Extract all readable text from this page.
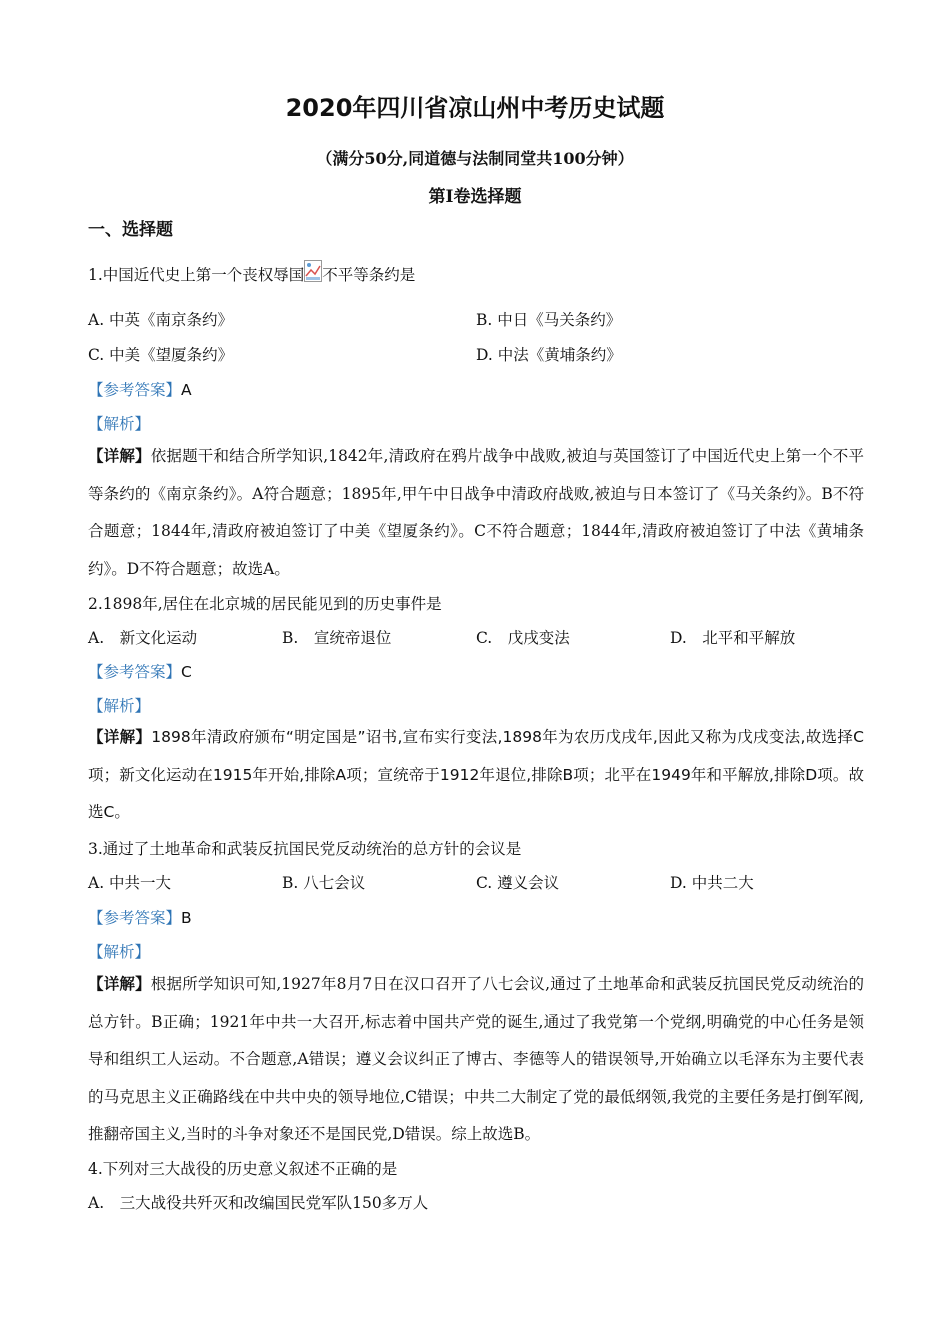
2020年四川省凉山州中考历史试题
（满分50分,同道德与法制同堂共100分钟）
第Ⅰ卷选择题
一、选择题
1.中国近代史上第一个丧权辱国 不平等条约是
A. 中英《南京条约》	B. 中日《马关条约》
C. 中美《望厦条约》	D. 中法《黄埔条约》
【参考答案】A
【解析】
【详解】依据题干和结合所学知识,1842年,清政府在鸦片战争中战败,被迫与英国签订了中国近代史上第一个不平等条约的《南京条约》。A符合题意；1895年,甲午中日战争中清政府战败,被迫与日本签订了《马关条约》。B不符合题意；1844年,清政府被迫签订了中美《望厦条约》。C不符合题意；1844年,清政府被迫签订了中法《黄埔条约》。D不符合题意；故选A。
2.1898年,居住在北京城的居民能见到的历史事件是
A.　新文化运动	B.　宣统帝退位	C.　戊戌变法	D.　北平和平解放
【参考答案】C
【解析】
【详解】1898年清政府颁布“明定国是”诏书,宣布实行变法,1898年为农历戊戌年,因此又称为戊戌变法,故选择C项；新文化运动在1915年开始,排除A项；宣统帝于1912年退位,排除B项；北平在1949年和平解放,排除D项。故选C。
3.通过了土地革命和武装反抗国民党反动统治的总方针的会议是
A. 中共一大	B. 八七会议	C. 遵义会议	D. 中共二大
【参考答案】B
【解析】
【详解】根据所学知识可知,1927年8月7日在汉口召开了八七会议,通过了土地革命和武装反抗国民党反动统治的总方针。B正确；1921年中共一大召开,标志着中国共产党的诞生,通过了我党第一个党纲,明确党的中心任务是领导和组织工人运动。不合题意,A错误；遵义会议纠正了博古、李德等人的错误领导,开始确立以毛泽东为主要代表的马克思主义正确路线在中共中央的领导地位,C错误；中共二大制定了党的最低纲领,我党的主要任务是打倒军阀,推翻帝国主义,当时的斗争对象还不是国民党,D错误。综上故选B。
4.下列对三大战役的历史意义叙述不正确的是
A.　三大战役共歼灭和改编国民党军队150多万人
